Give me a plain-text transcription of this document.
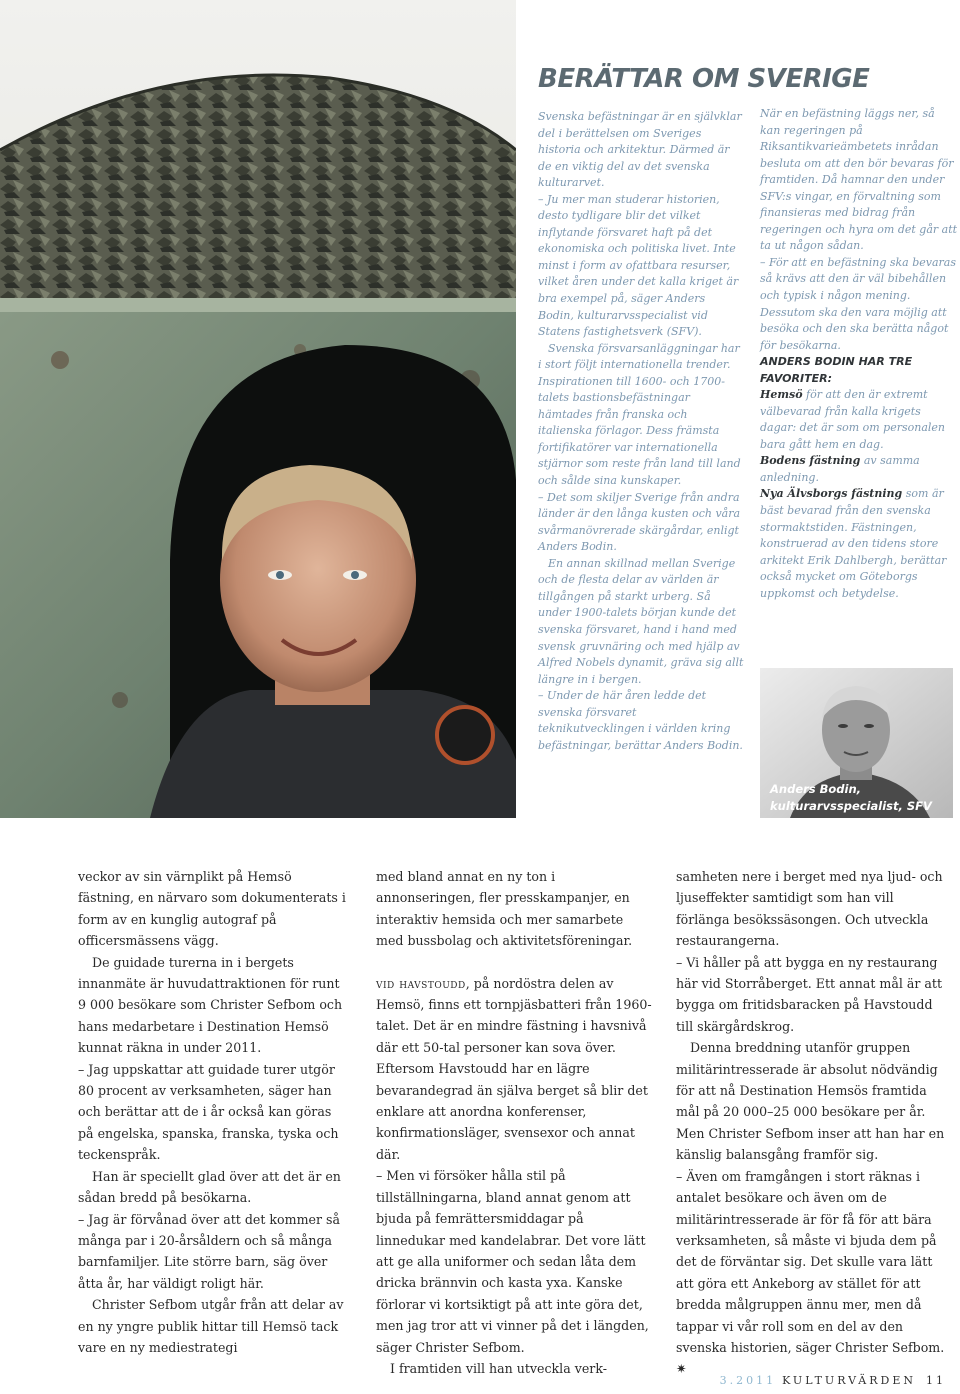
BERÄTTAR OM SVERIGE

Svenska befästningar är en självklar del i berättelsen om Sveriges historia och arkitektur. Därmed är de en viktig del av det svenska kulturarvet.

– Ju mer man studerar historien, desto tydligare blir det vilket inflytande försvaret haft på det ekonomiska och politiska livet. Inte minst i form av ofattbara resurser, vilket åren under det kalla kriget är bra exempel på, säger Anders Bodin, kulturarvsspecialist vid Statens fastighetsverk (SFV).

Svenska försvarsanläggningar har i stort följt internationella trender. Inspirationen till 1600- och 1700-talets bastionsbefästningar hämtades från franska och italienska förlagor. Dess främsta fortifikatörer var internationella stjärnor som reste från land till land och sålde sina kunskaper.

– Det som skiljer Sverige från andra länder är den långa kusten och våra svårmanövrerade skärgårdar, enligt Anders Bodin.

En annan skillnad mellan Sverige och de flesta delar av världen är tillgången på starkt urberg. Så under 1900-talets början kunde det svenska försvaret, hand i hand med svensk gruvnäring och med hjälp av Alfred Nobels dynamit, gräva sig allt längre in i bergen.

– Under de här åren ledde det svenska försvaret teknikutvecklingen i världen kring befästningar, berättar Anders Bodin.

När en befästning läggs ner, så kan regeringen på Riksantikvarieämbetets inrådan besluta om att den bör bevaras för framtiden. Då hamnar den under SFV:s vingar, en förvaltning som finansieras med bidrag från regeringen och hyra om det går att ta ut någon sådan.

– För att en befästning ska bevaras så krävs att den är väl bibehållen och typisk i någon mening. Dessutom ska den vara möjlig att besöka och den ska berätta något för besökarna.

ANDERS BODIN HAR TRE FAVORITER:

Hemsö för att den är extremt välbevarad från kalla krigets dagar: det är som om personalen bara gått hem en dag.

Bodens fästning av samma anledning.

Nya Älvsborgs fästning som är bäst bevarad från den svenska stormaktstiden. Fästningen, konstruerad av den tidens store arkitekt Erik Dahlbergh, berättar också mycket om Göteborgs uppkomst och betydelse.

Anders Bodin,
kulturarvsspecialist, SFV

veckor av sin värnplikt på Hemsö fästning, en närvaro som dokumenterats i form av en kunglig autograf på officersmässens vägg.

De guidade turerna in i bergets innanmäte är huvudattraktionen för runt 9 000 besökare som Christer Sefbom och hans medarbetare i Destination Hemsö kunnat räkna in under 2011.

– Jag uppskattar att guidade turer utgör 80 procent av verksamheten, säger han och berättar att de i år också kan göras på engelska, spanska, franska, tyska och teckenspråk.

Han är speciellt glad över att det är en sådan bredd på besökarna.

– Jag är förvånad över att det kommer så många par i 20-årsåldern och så många barnfamiljer. Lite större barn, säg över åtta år, har väldigt roligt här.

Christer Sefbom utgår från att delar av en ny yngre publik hittar till Hemsö tack vare en ny mediestrategi

med bland annat en ny ton i annonseringen, fler presskampanjer, en interaktiv hemsida och mer samarbete med bussbolag och aktivitetsföreningar.

vid havstoudd, på nordöstra delen av Hemsö, finns ett tornpjäsbatteri från 1960-talet. Det är en mindre fästning i havsnivå där ett 50-tal personer kan sova över. Eftersom Havstoudd har en lägre bevarandegrad än själva berget så blir det enklare att anordna konferenser, konfirmationsläger, svensexor och annat där.

– Men vi försöker hålla stil på tillställningarna, bland annat genom att bjuda på femrättersmiddagar på linnedukar med kandelabrar. Det vore lätt att ge alla uniformer och sedan låta dem dricka brännvin och kasta yxa. Kanske förlorar vi kortsiktigt på att inte göra det, men jag tror att vi vinner på det i längden, säger Christer Sefbom.

I framtiden vill han utveckla verk-

samheten nere i berget med nya ljud- och ljuseffekter samtidigt som han vill förlänga besökssäsongen. Och utveckla restaurangerna.

– Vi håller på att bygga en ny restaurang här vid Storråberget. Ett annat mål är att bygga om fritidsbaracken på Havstoudd till skärgårdskrog.

Denna breddning utanför gruppen militärintresserade är absolut nödvändig för att nå Destination Hemsös framtida mål på 20 000–25 000 besökare per år. Men Christer Sefbom inser att han har en känslig balansgång framför sig.

– Även om framgången i stort räknas i antalet besökare och även om de militärintresserade är för få för att bära verksamheten, så måste vi bjuda dem på det de förväntar sig. Det skulle vara lätt att göra ett Ankeborg av stället för att bredda målgruppen ännu mer, men då tappar vi vår roll som en del av den svenska historien, säger Christer Sefbom. ✷

3.2011 KULTURVÄRDEN 11
